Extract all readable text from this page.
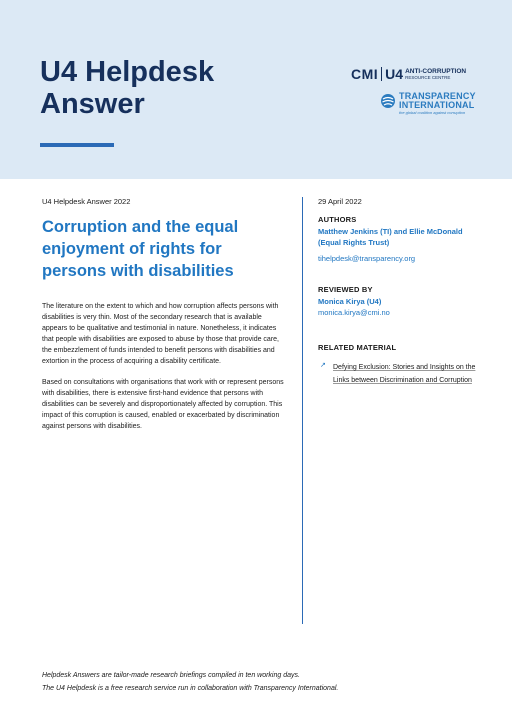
U4 Helpdesk
Answer
CMI U4 ANTI-CORRUPTION
RESOURCE CENTRE
TRANSPARENCY
INTERNATIONAL
the global coalition against corruption
U4 Helpdesk Answer 2022
Corruption and the equal
enjoyment of rights for
persons with disabilities

The literature on the extent to which and how corruption affects persons with disabilities is very thin. Most of the secondary research that is available appears to be qualitative and testimonial in nature. Nonetheless, it indicates that people with disabilities are exposed to abuse by those that provide care, the embezzlement of funds intended to benefit persons with disabilities and extortion in the process of acquiring a disability certificate.

Based on consultations with organisations that work with or represent persons with disabilities, there is extensive first-hand evidence that persons with disabilities can be severely and disproportionately affected by corruption. This impact of this corruption is caused, enabled or exacerbated by discrimination against persons with disabilities.

29 April 2022
AUTHORS
Matthew Jenkins (TI) and Ellie McDonald (Equal Rights Trust)
tihelpdesk@transparency.org
REVIEWED BY
Monica Kirya (U4)
monica.kirya@cmi.no
RELATED MATERIAL
↗	Defying Exclusion: Stories and Insights on the Links between Discrimination and Corruption
Helpdesk Answers are tailor-made research briefings compiled in ten working days.
The U4 Helpdesk is a free research service run in collaboration with Transparency International.
